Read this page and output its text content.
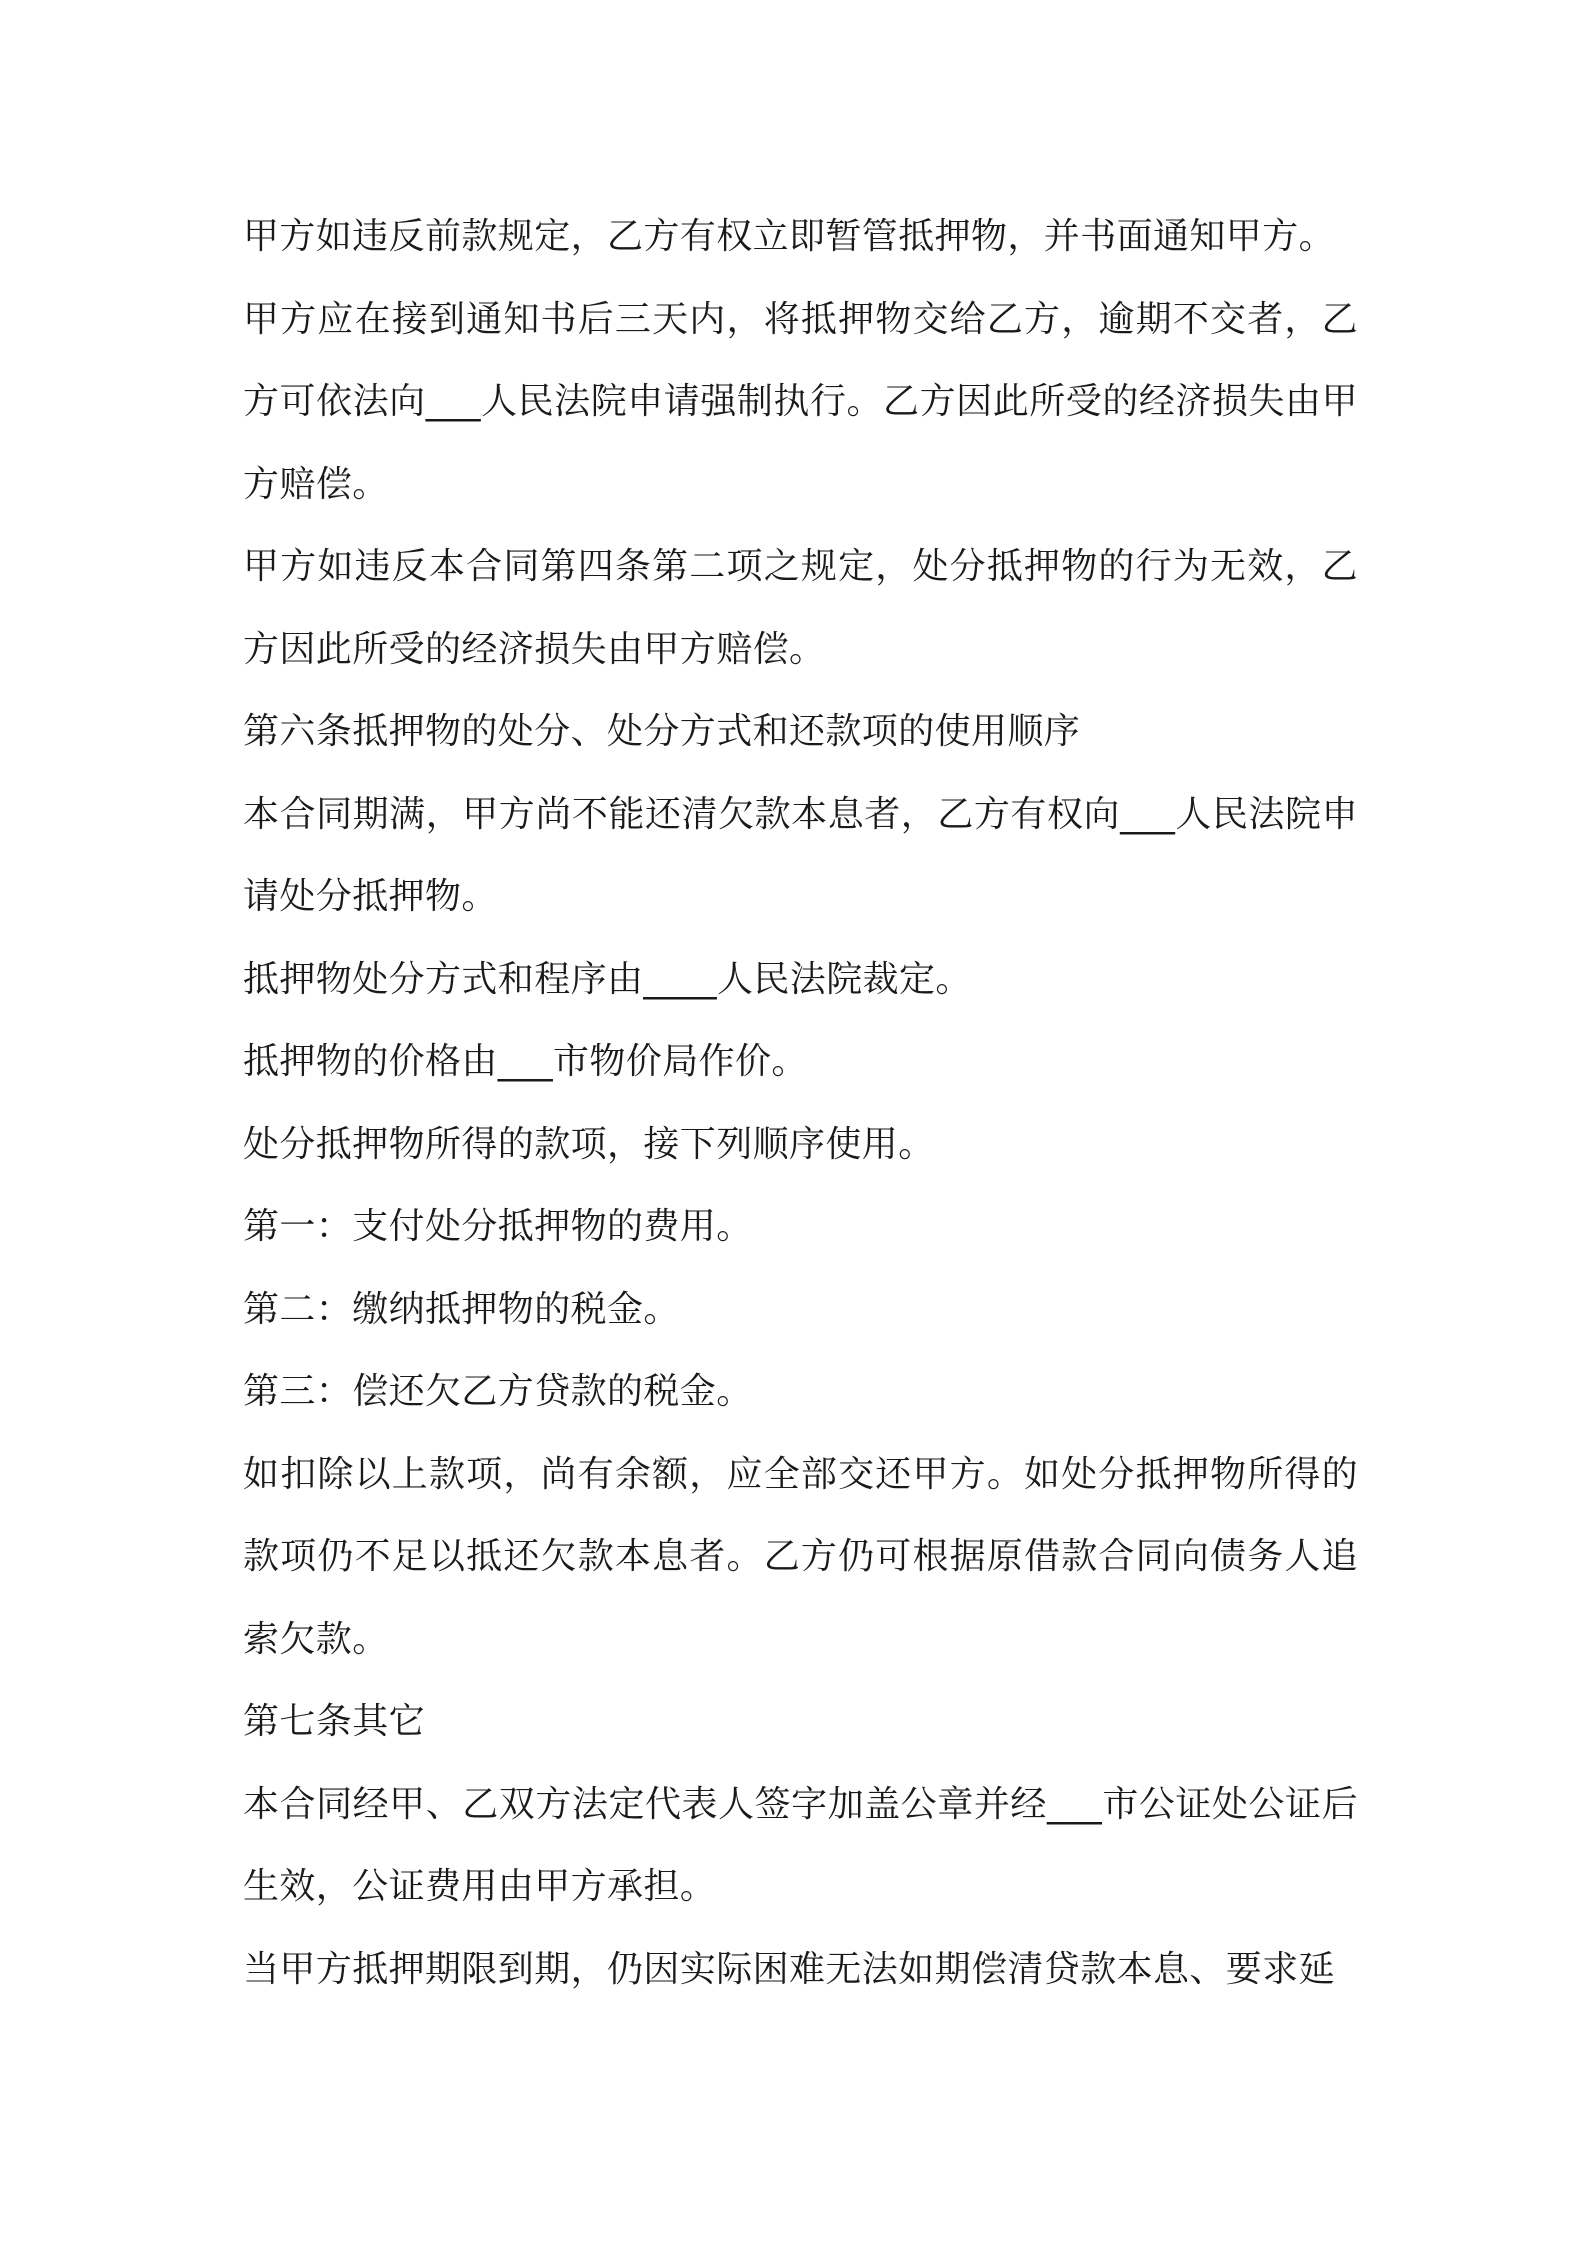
甲方如违反前款规定，乙方有权立即暂管抵押物，并书面通知甲方。

甲方应在接到通知书后三天内，将抵押物交给乙方，逾期不交者，乙方可依法向___人民法院申请强制执行。乙方因此所受的经济损失由甲方赔偿。

甲方如违反本合同第四条第二项之规定，处分抵押物的行为无效，乙方因此所受的经济损失由甲方赔偿。

第六条抵押物的处分、处分方式和还款项的使用顺序

本合同期满，甲方尚不能还清欠款本息者，乙方有权向___人民法院申请处分抵押物。

抵押物处分方式和程序由____人民法院裁定。

抵押物的价格由___市物价局作价。

处分抵押物所得的款项，接下列顺序使用。

第一：支付处分抵押物的费用。

第二：缴纳抵押物的税金。

第三：偿还欠乙方贷款的税金。

如扣除以上款项，尚有余额，应全部交还甲方。如处分抵押物所得的款项仍不足以抵还欠款本息者。乙方仍可根据原借款合同向债务人追索欠款。

第七条其它

本合同经甲、乙双方法定代表人签字加盖公章并经___市公证处公证后生效，公证费用由甲方承担。

当甲方抵押期限到期，仍因实际困难无法如期偿清贷款本息、要求延
